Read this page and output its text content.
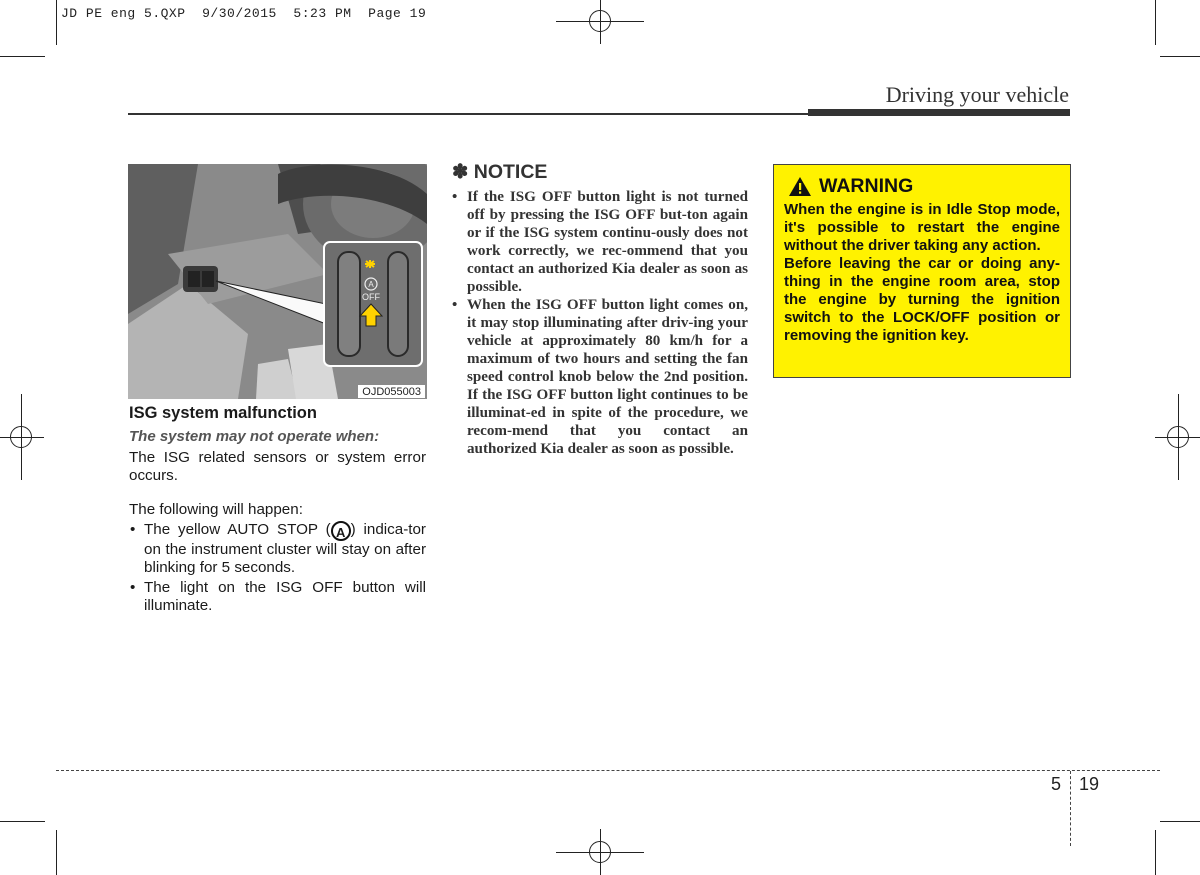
JD PE eng 5.QXP  9/30/2015  5:23 PM  Page 19
Driving your vehicle
A
OFF
OJD055003
ISG system malfunction
The system may not operate when:

The ISG related sensors or system error occurs.

The following will happen:

• The yellow AUTO STOP ( A ) indica-tor on the instrument cluster will stay on after blinking for 5 seconds.
• The light on the ISG OFF button will illuminate.
✽ NOTICE
• If the ISG OFF button light is not turned off by pressing the ISG OFF but-ton again or if the ISG system continu-ously does not work correctly, we rec-ommend that you contact an authorized Kia dealer as soon as possible.
• When the ISG OFF button light comes on, it may stop illuminating after driv-ing your vehicle at approximately 80 km/h for a maximum of two hours and setting the fan speed control knob below the 2nd position. If the ISG OFF button light continues to be illuminat-ed in spite of the procedure, we recom-mend that you contact an authorized Kia dealer as soon as possible.
WARNING

When the engine is in Idle Stop mode, it's possible to restart the engine without the driver taking any action.

Before leaving the car or doing any-thing in the engine room area, stop the engine by turning the ignition switch to the LOCK/OFF position or removing the ignition key.

5 19
